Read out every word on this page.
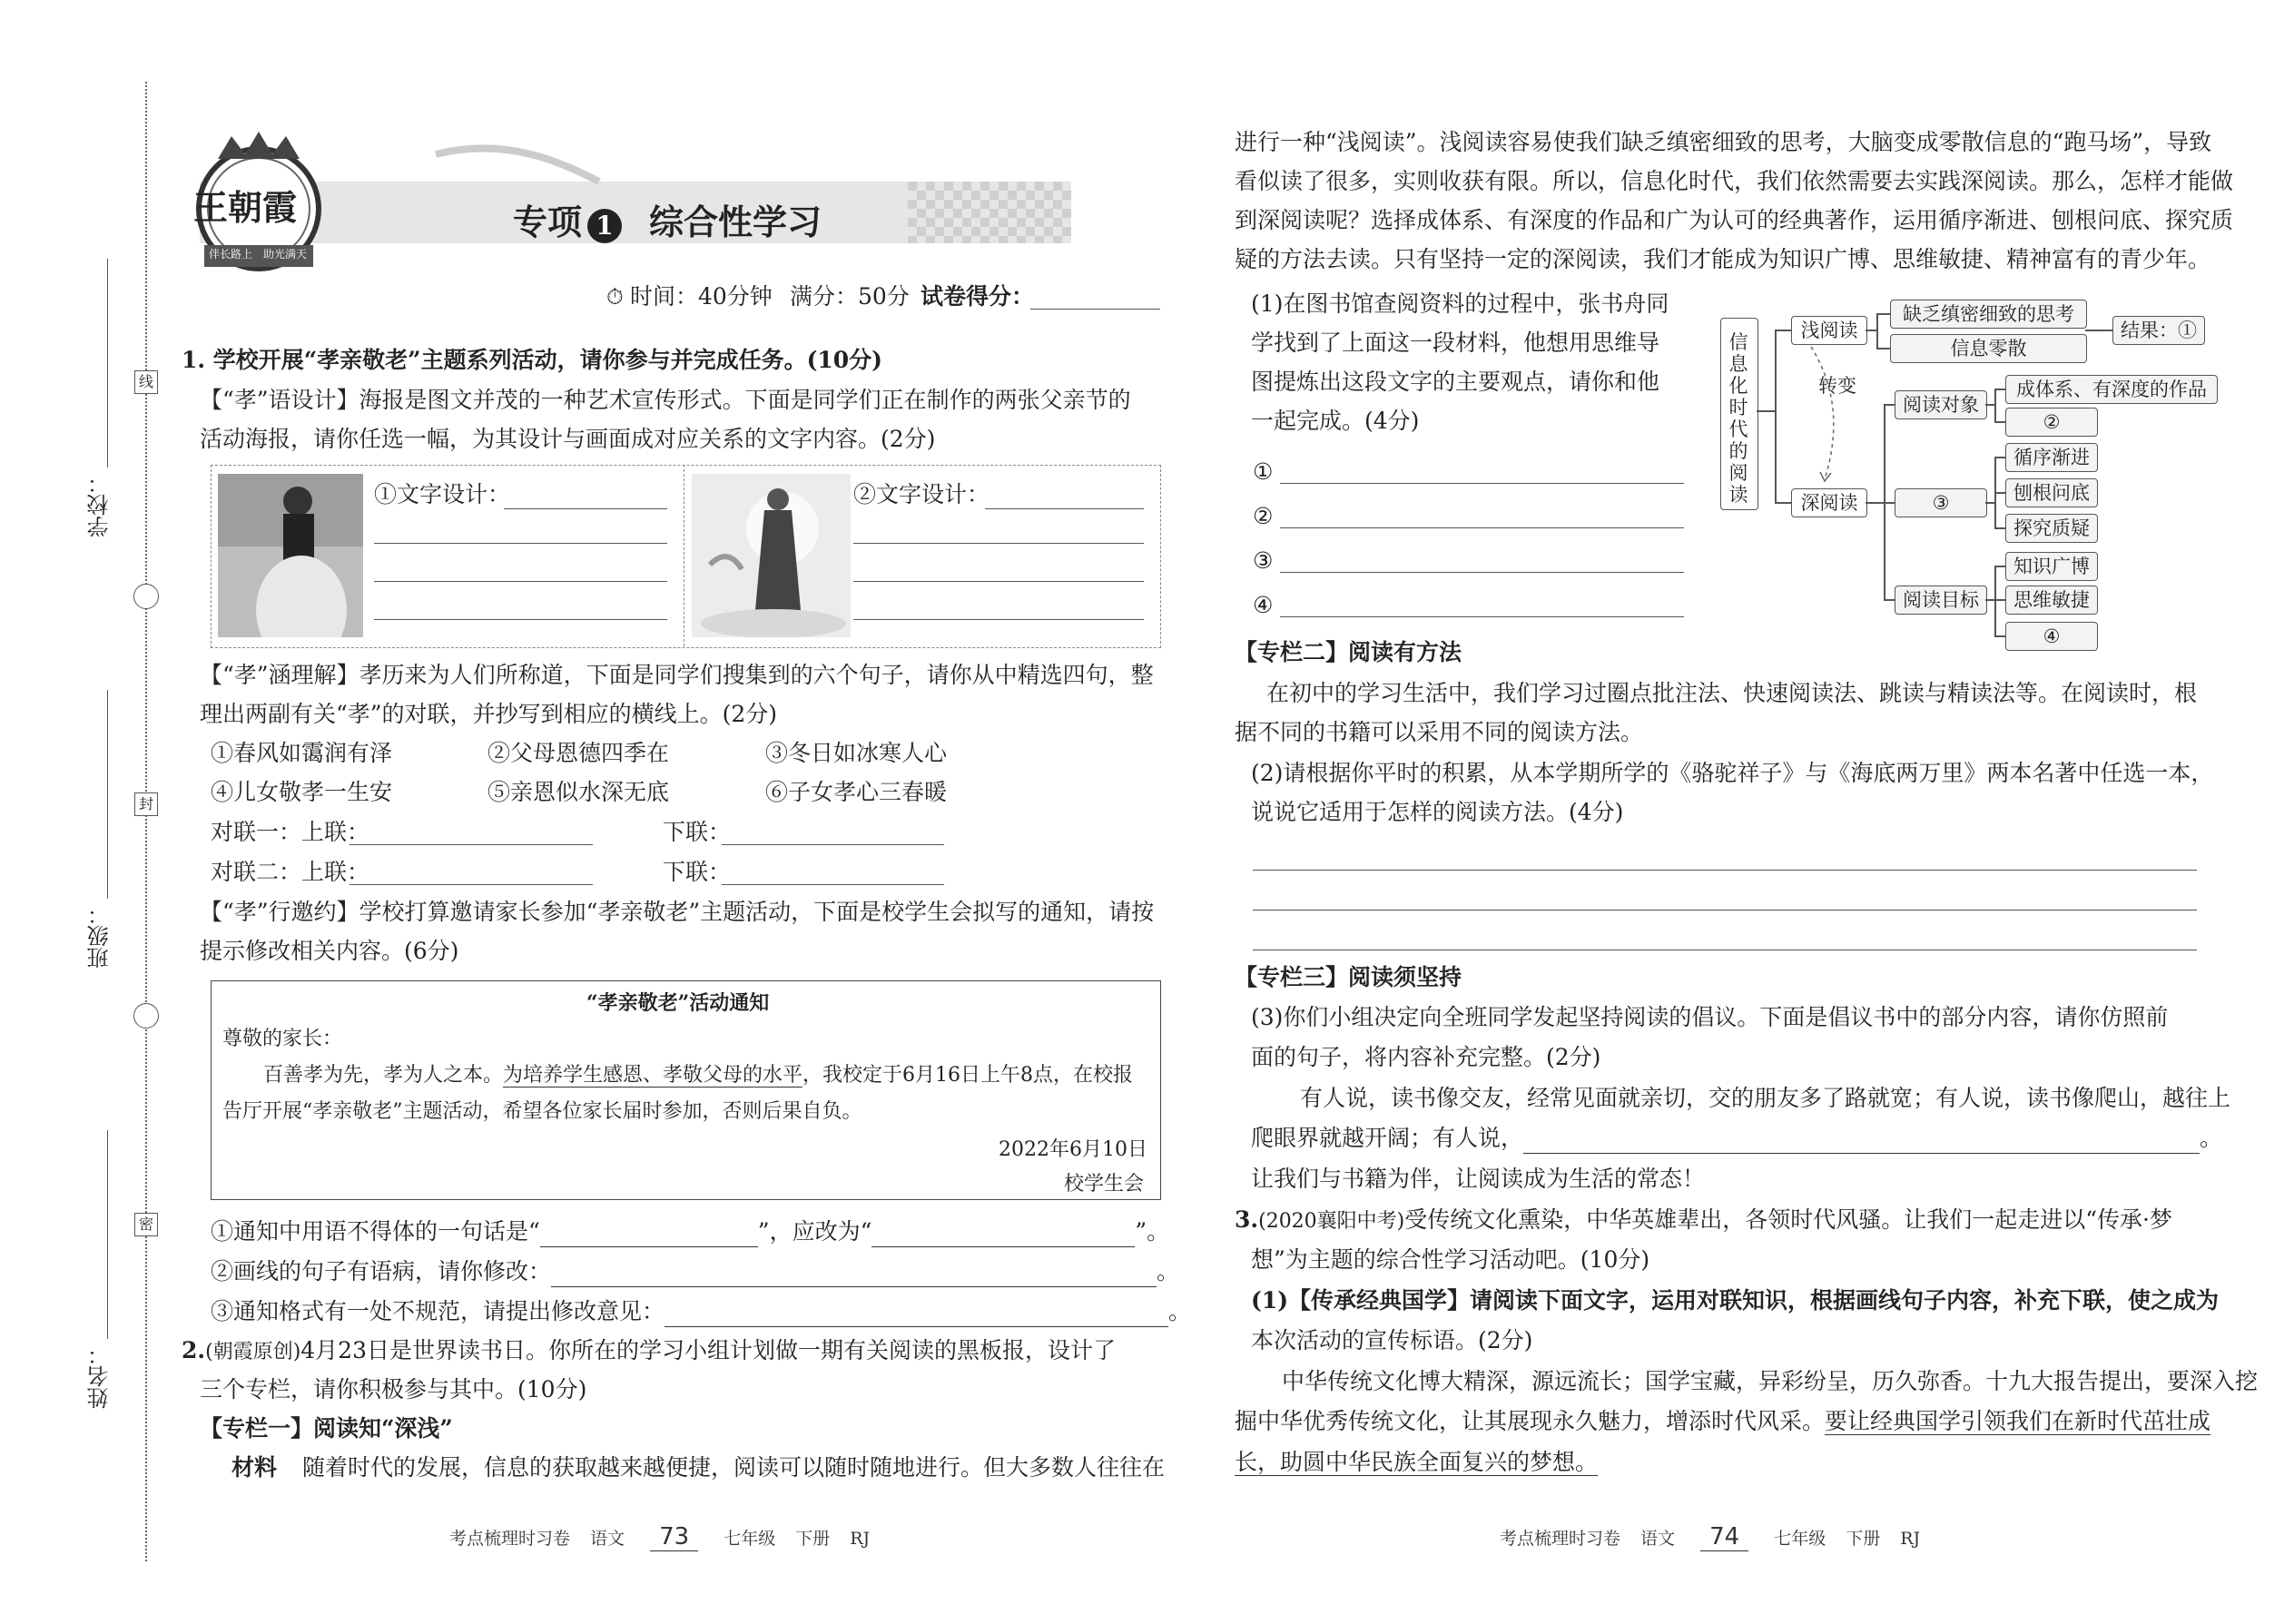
学校：
班级：
姓名：
线
封
密
王朝霞
伴长路上 助光满天
专项 1 综合性学习
⏱ 时间：40分钟 满分：50分 试卷得分：
1. 学校开展“孝亲敬老”主题系列活动，请你参与并完成任务。(10分)
【“孝”语设计】海报是图文并茂的一种艺术宣传形式。下面是同学们正在制作的两张父亲节的
活动海报，请你任选一幅，为其设计与画面成对应关系的文字内容。(2分)
①文字设计：	②文字设计：
【“孝”涵理解】孝历来为人们所称道，下面是同学们搜集到的六个句子，请你从中精选四句，整
理出两副有关“孝”的对联，并抄写到相应的横线上。(2分)
①春风如霭润有泽	②父母恩德四季在	③冬日如冰寒人心
④儿女敬孝一生安	⑤亲恩似水深无底	⑥子女孝心三春暖
对联一：上联：	下联：
对联二：上联：	下联：
【“孝”行邀约】学校打算邀请家长参加“孝亲敬老”主题活动，下面是校学生会拟写的通知，请按
提示修改相关内容。(6分)
“孝亲敬老”活动通知
尊敬的家长：
百善孝为先，孝为人之本。为培养学生感恩、孝敬父母的水平，我校定于6月16日上午8点，在校报
告厅开展“孝亲敬老”主题活动，希望各位家长届时参加，否则后果自负。
2022年6月10日
校学生会
①通知中用语不得体的一句话是“	”，应改为“	”。
②画线的句子有语病，请你修改：	。
③通知格式有一处不规范，请提出修改意见：	。
2.(朝霞原创)4月23日是世界读书日。你所在的学习小组计划做一期有关阅读的黑板报，设计了
三个专栏，请你积极参与其中。(10分)
【专栏一】阅读知“深浅”
材料 随着时代的发展，信息的获取越来越便捷，阅读可以随时随地进行。但大多数人往往在
考点梳理时习卷 语文 73 七年级 下册 RJ
进行一种“浅阅读”。浅阅读容易使我们缺乏缜密细致的思考，大脑变成零散信息的“跑马场”，导致
看似读了很多，实则收获有限。所以，信息化时代，我们依然需要去实践深阅读。那么，怎样才能做
到深阅读呢？选择成体系、有深度的作品和广为认可的经典著作，运用循序渐进、刨根问底、探究质
疑的方法去读。只有坚持一定的深阅读，我们才能成为知识广博、思维敏捷、精神富有的青少年。
(1)在图书馆查阅资料的过程中，张书舟同
学找到了上面这一段材料，他想用思维导
图提炼出这段文字的主要观点，请你和他
一起完成。(4分)
①
②
③
④
信息化时代的阅读
浅阅读
深阅读
转变
缺乏缜密细致的思考
信息零散
结果：①
阅读对象
③
阅读目标
成体系、有深度的作品
②
循序渐进
刨根问底
探究质疑
知识广博
思维敏捷
④
【专栏二】阅读有方法
在初中的学习生活中，我们学习过圈点批注法、快速阅读法、跳读与精读法等。在阅读时，根
据不同的书籍可以采用不同的阅读方法。
(2)请根据你平时的积累，从本学期所学的《骆驼祥子》与《海底两万里》两本名著中任选一本，
说说它适用于怎样的阅读方法。(4分)
【专栏三】阅读须坚持
(3)你们小组决定向全班同学发起坚持阅读的倡议。下面是倡议书中的部分内容，请你仿照前
面的句子，将内容补充完整。(2分)
有人说，读书像交友，经常见面就亲切，交的朋友多了路就宽；有人说，读书像爬山，越往上
爬眼界就越开阔；有人说，	。
让我们与书籍为伴，让阅读成为生活的常态！
3.(2020襄阳中考)受传统文化熏染，中华英雄辈出，各领时代风骚。让我们一起走进以“传承·梦
想”为主题的综合性学习活动吧。(10分)
(1)【传承经典国学】请阅读下面文字，运用对联知识，根据画线句子内容，补充下联，使之成为
本次活动的宣传标语。(2分)
中华传统文化博大精深，源远流长；国学宝藏，异彩纷呈，历久弥香。十九大报告提出，要深入挖
掘中华优秀传统文化，让其展现永久魅力，增添时代风采。要让经典国学引领我们在新时代茁壮成
长，助圆中华民族全面复兴的梦想。
考点梳理时习卷 语文 74 七年级 下册 RJ
